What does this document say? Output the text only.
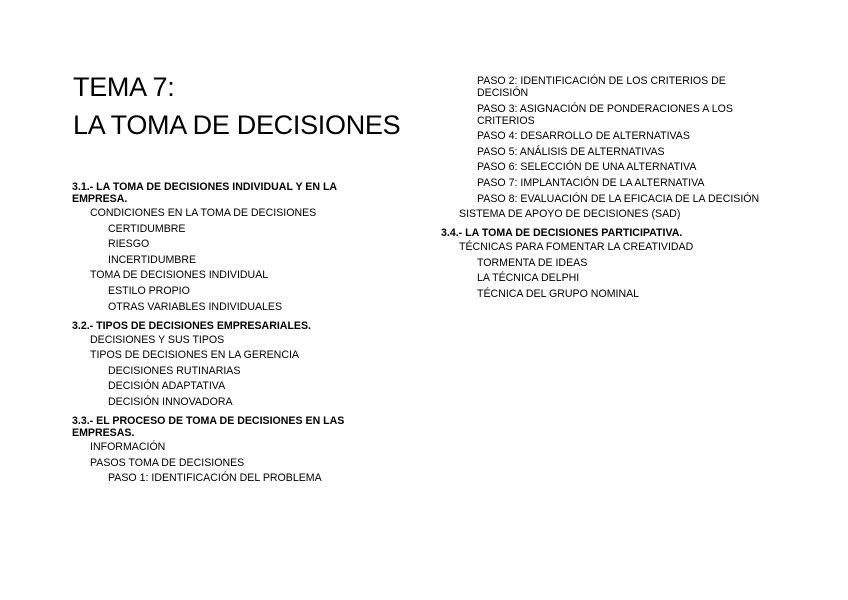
TEMA 7:
LA TOMA DE DECISIONES
3.1.- LA TOMA DE DECISIONES INDIVIDUAL Y EN LA EMPRESA.
CONDICIONES EN LA TOMA DE DECISIONES
CERTIDUMBRE
RIESGO
INCERTIDUMBRE
TOMA DE DECISIONES INDIVIDUAL
ESTILO PROPIO
OTRAS VARIABLES INDIVIDUALES
3.2.- TIPOS DE DECISIONES EMPRESARIALES.
DECISIONES Y SUS TIPOS
TIPOS DE DECISIONES EN LA GERENCIA
DECISIONES RUTINARIAS
DECISIÓN ADAPTATIVA
DECISIÓN INNOVADORA
3.3.- EL PROCESO DE TOMA DE DECISIONES EN LAS EMPRESAS.
INFORMACIÓN
PASOS TOMA DE DECISIONES
PASO 1: IDENTIFICACIÓN DEL PROBLEMA
PASO 2: IDENTIFICACIÓN DE LOS CRITERIOS DE DECISIÓN
PASO 3: ASIGNACIÓN DE PONDERACIONES A LOS CRITERIOS
PASO 4: DESARROLLO DE ALTERNATIVAS
PASO 5: ANÁLISIS DE ALTERNATIVAS
PASO 6: SELECCIÓN DE UNA ALTERNATIVA
PASO 7: IMPLANTACIÓN DE LA ALTERNATIVA
PASO 8: EVALUACIÓN DE LA EFICACIA DE LA DECISIÓN
SISTEMA DE APOYO DE DECISIONES (SAD)
3.4.- LA TOMA DE DECISIONES PARTICIPATIVA.
TÉCNICAS PARA FOMENTAR LA CREATIVIDAD
TORMENTA DE IDEAS
LA TÉCNICA DELPHI
TÉCNICA DEL GRUPO NOMINAL
